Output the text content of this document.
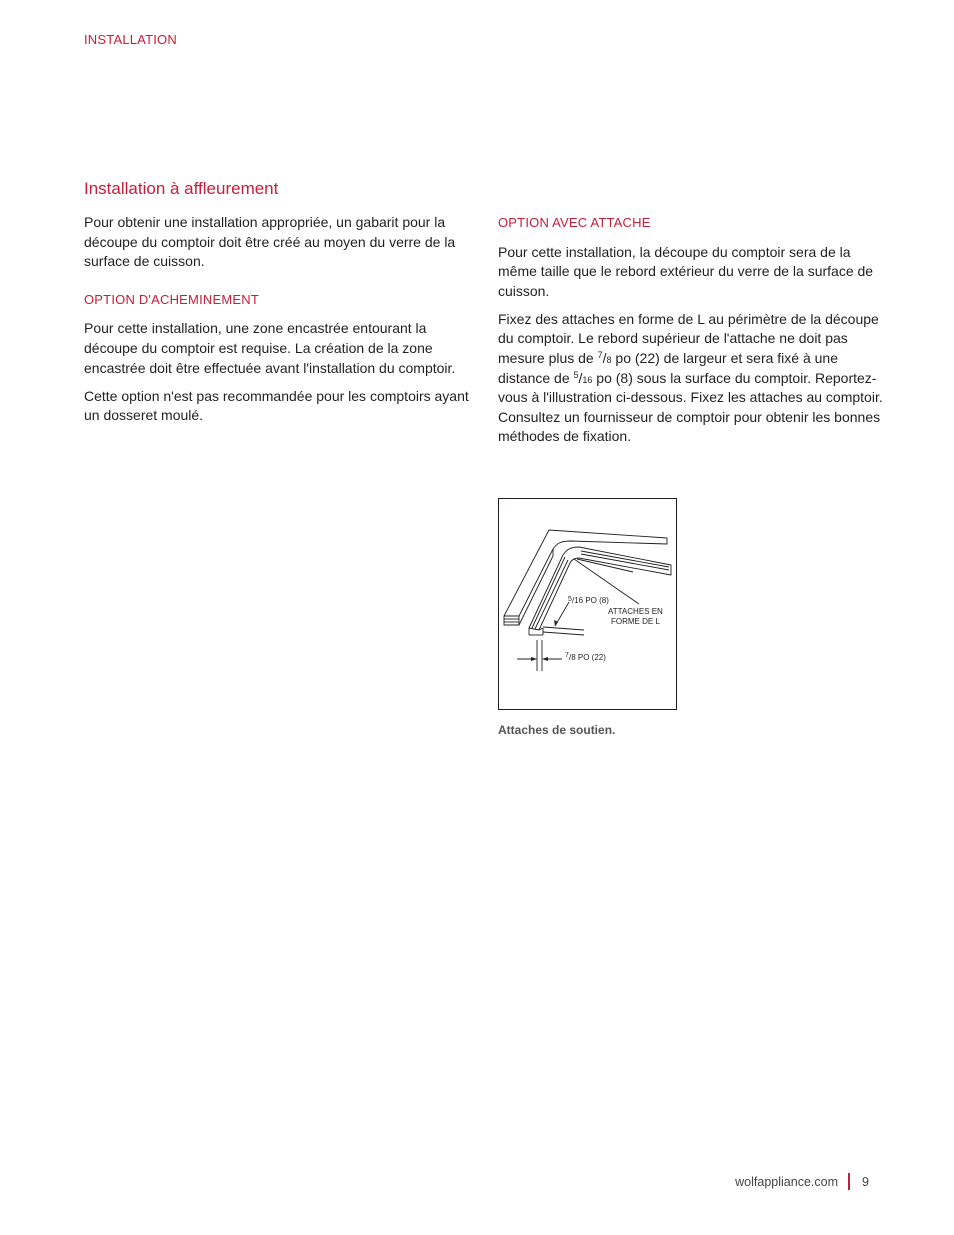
INSTALLATION
Installation à affleurement

Pour obtenir une installation appropriée, un gabarit pour la découpe du comptoir doit être créé au moyen du verre de la surface de cuisson.

OPTION D'ACHEMINEMENT

Pour cette installation, une zone encastrée entourant la découpe du comptoir est requise. La création de la zone encastrée doit être effectuée avant l'installation du comptoir.

Cette option n'est pas recommandée pour les comptoirs ayant un dosseret moulé.

OPTION AVEC ATTACHE

Pour cette installation, la découpe du comptoir sera de la même taille que le rebord extérieur du verre de la surface de cuisson.

Fixez des attaches en forme de L au périmètre de la découpe du comptoir. Le rebord supérieur de l'attache ne doit pas mesure plus de $^7$/8 po (22) de largeur et sera fixé à une distance de $^5$/16 po (8) sous la surface du comptoir. Reportez-vous à l'illustration ci-dessous. Fixez les attaches au comptoir. Consultez un fournisseur de comptoir pour obtenir les bonnes méthodes de fixation.

5 /16 PO (8)
ATTACHES EN
FORME DE L
7 /8 PO (22)
Attaches de soutien.
wolfappliance.com 9
